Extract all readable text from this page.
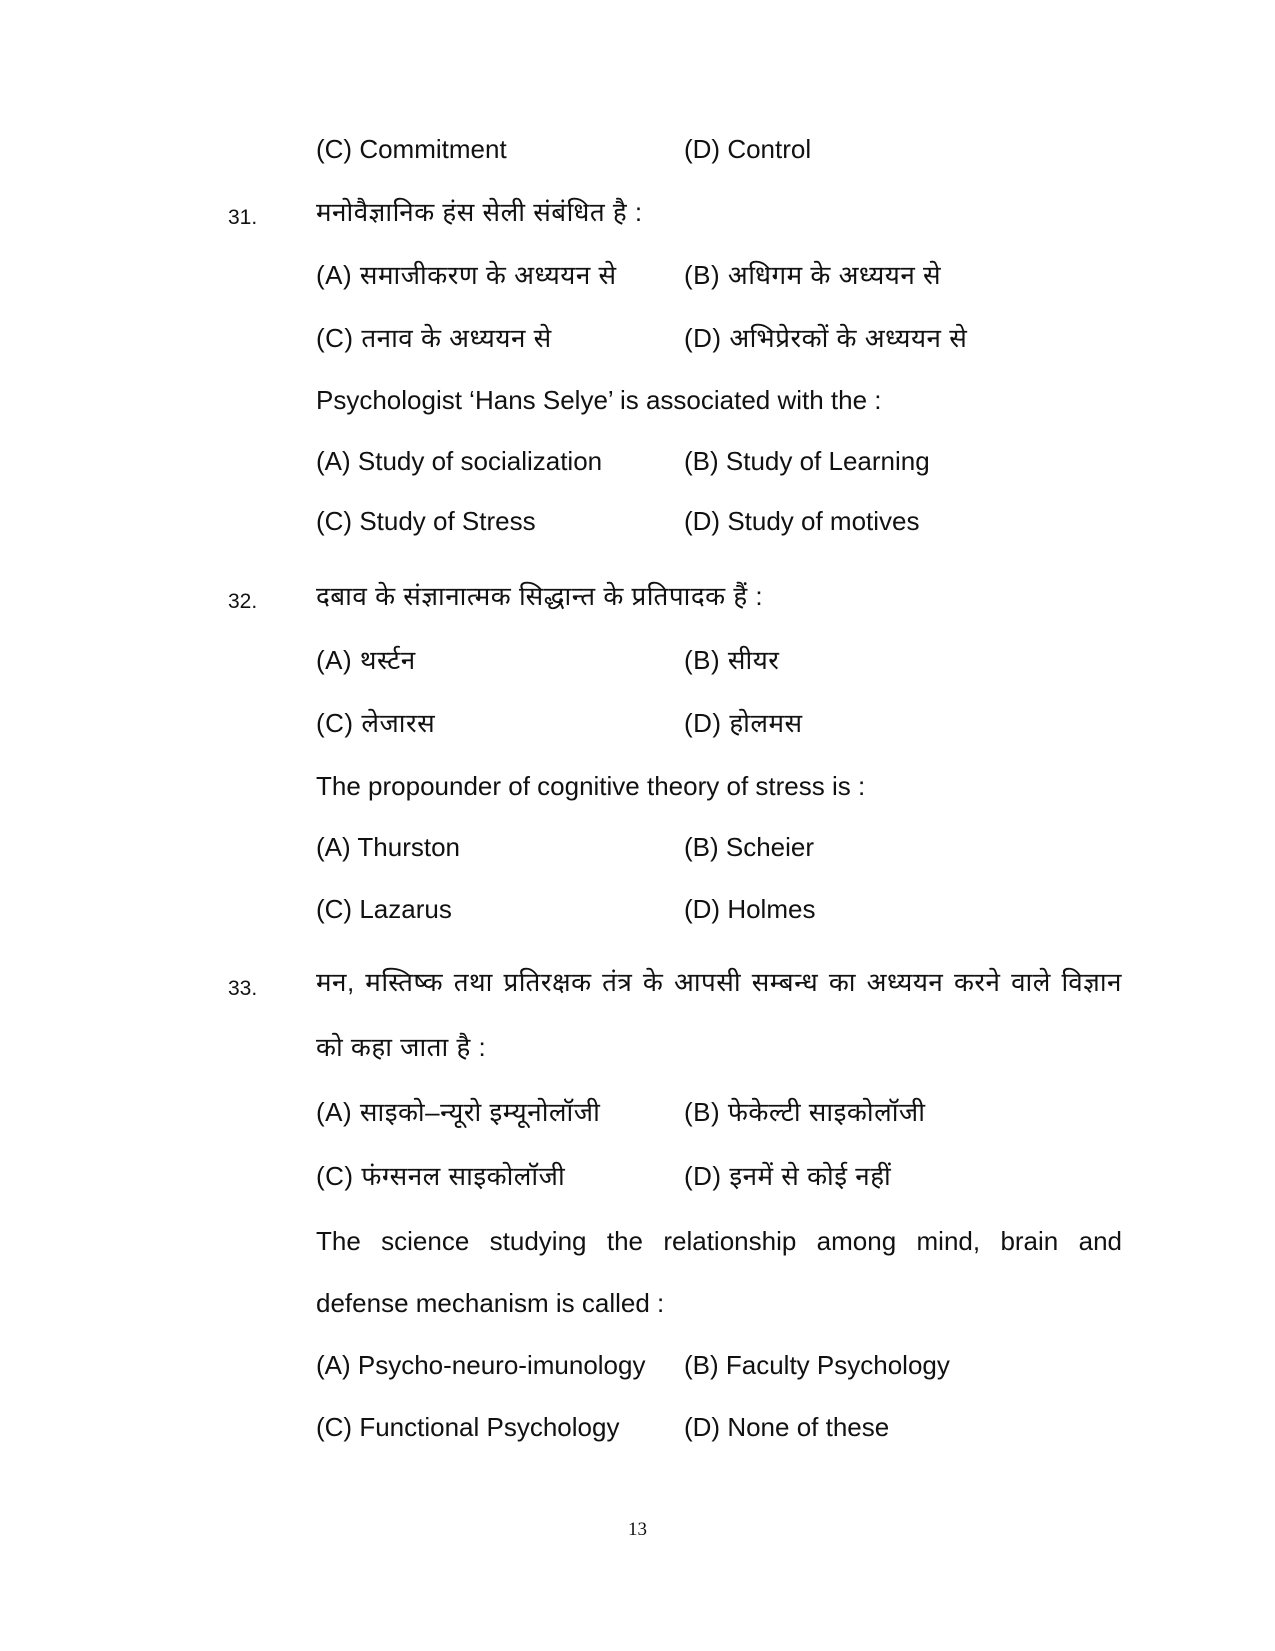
(C) Commitment	(D) Control
31. मनोवैज्ञानिक हंस सेली संबंधित है :
(A) समाजीकरण के अध्ययन से	(B) अधिगम के अध्ययन से
(C) तनाव के अध्ययन से	(D) अभिप्रेरकों के अध्ययन से
Psychologist ‘Hans Selye’ is associated with the :
(A) Study of socialization	(B) Study of Learning
(C) Study of Stress	(D) Study of motives
32. दबाव के संज्ञानात्मक सिद्धान्त के प्रतिपादक हैं :
(A) थर्स्टन	(B) सीयर
(C) लेजारस	(D) होलमस
The propounder of cognitive theory of stress is :
(A) Thurston	(B) Scheier
(C) Lazarus	(D) Holmes
33. मन, मस्तिष्क तथा प्रतिरक्षक तंत्र के आपसी सम्बन्ध का अध्ययन करने वाले विज्ञान
को कहा जाता है :
(A) साइको–न्यूरो इम्यूनोलॉजी	(B) फेकेल्टी साइकोलॉजी
(C) फंग्सनल साइकोलॉजी	(D) इनमें से कोई नहीं
The science studying the relationship among mind, brain and
defense mechanism is called :
(A) Psycho-neuro-imunology (B) Faculty Psychology
(C) Functional Psychology (D) None of these
13
